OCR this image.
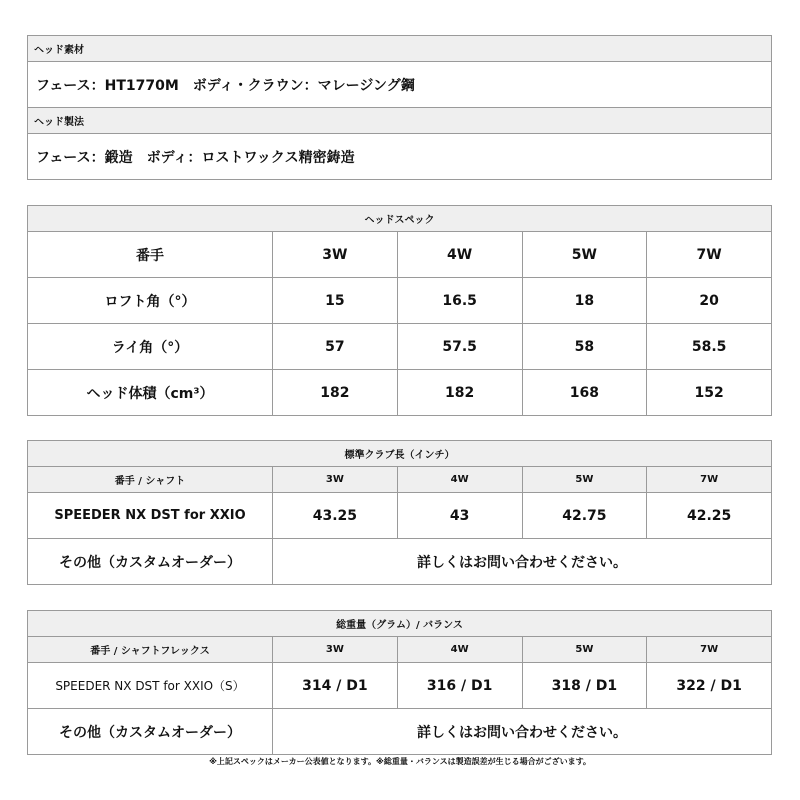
ヘッド素材
フェース：HT1770M　ボディ・クラウン：マレージング鋼
ヘッド製法
フェース：鍛造　ボディ：ロストワックス精密鋳造
ヘッドスペック				
番手	3W	4W	5W	7W
ロフト角（°）	15	16.5	18	20
ライ角（°）	57	57.5	58	58.5
ヘッド体積（cm³）	182	182	168	152
標準クラブ長（インチ）				
番手 / シャフト	3W	4W	5W	7W
SPEEDER NX DST for XXIO	43.25	43	42.75	42.25
その他（カスタムオーダー）	詳しくはお問い合わせください。			
総重量（グラム）/ バランス				
番手 / シャフトフレックス	3W	4W	5W	7W
SPEEDER NX DST for XXIO（S）	314 / D1	316 / D1	318 / D1	322 / D1
その他（カスタムオーダー）	詳しくはお問い合わせください。			
※上記スペックはメーカー公表値となります。※総重量・バランスは製造誤差が生じる場合がございます。
